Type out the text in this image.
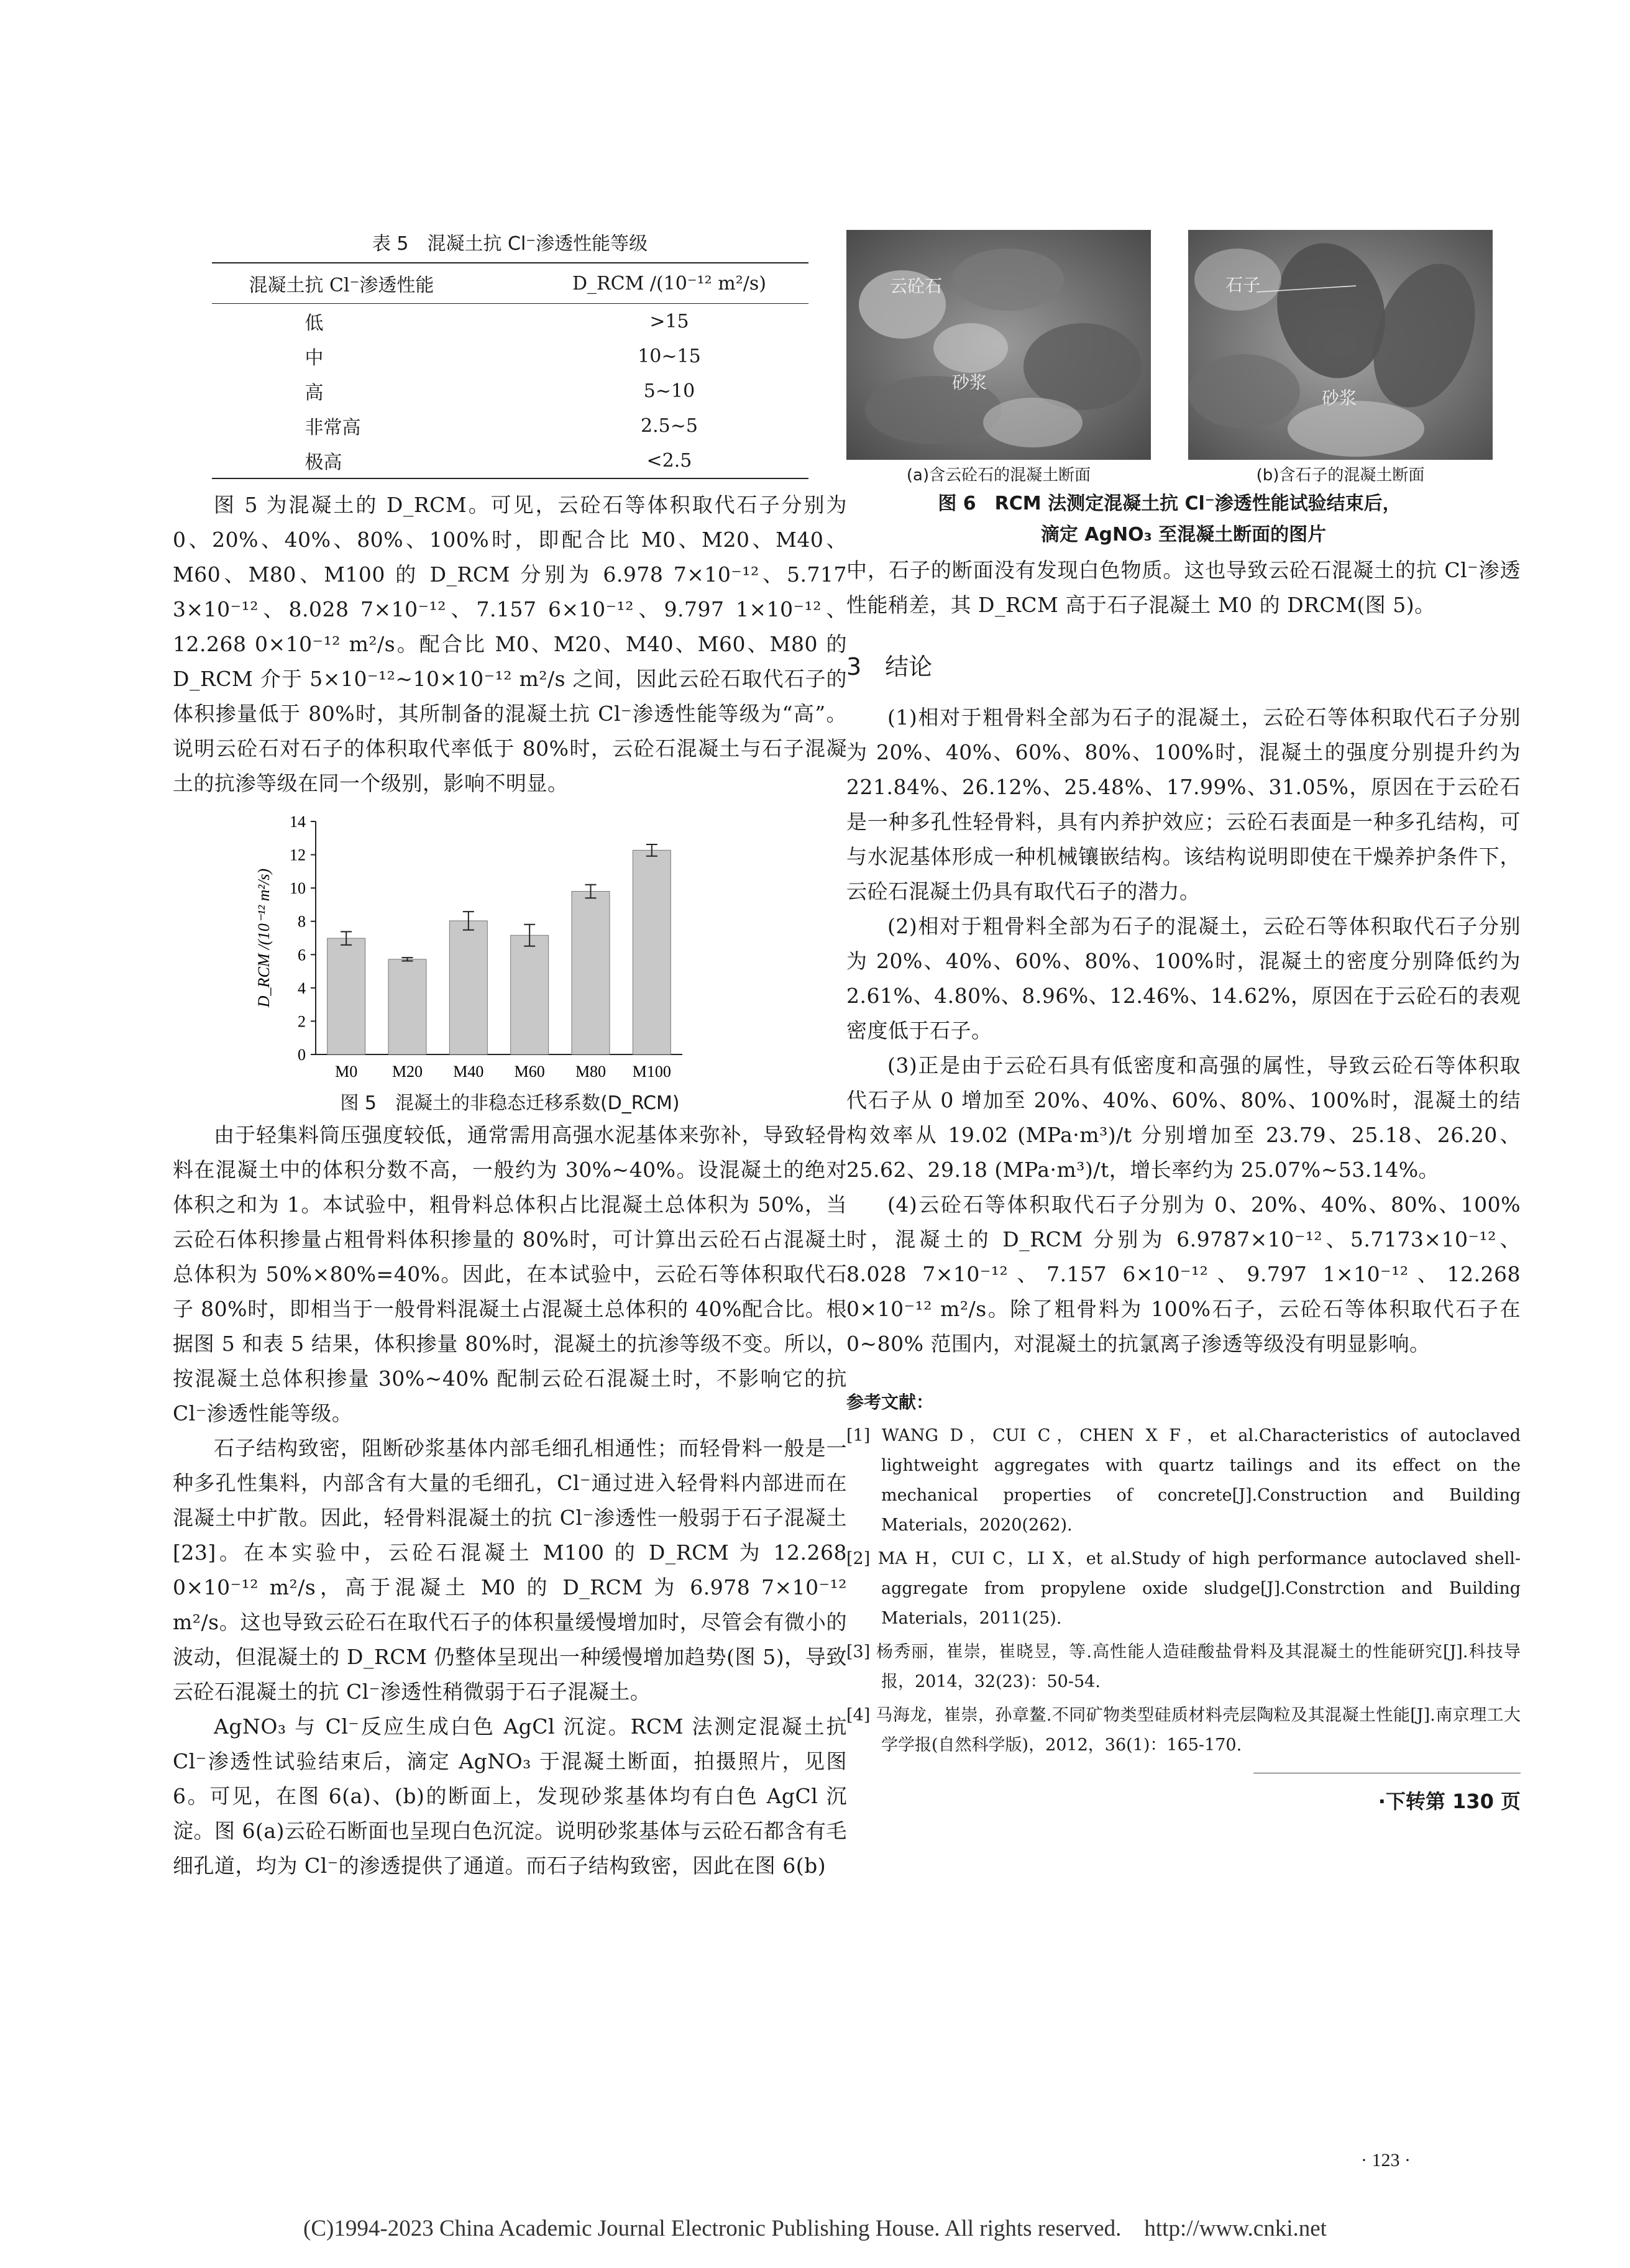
表 5　混凝土抗 Cl⁻渗透性能等级

混凝土抗 Cl⁻渗透性能	D_RCM /(10⁻¹² m²/s)
低	>15
中	10~15
高	5~10
非常高	2.5~5
极高	<2.5

图 5 为混凝土的 D_RCM。可见，云砼石等体积取代石子分别为 0、20%、40%、80%、100%时，即配合比 M0、M20、M40、M60、M80、M100 的 D_RCM 分别为 6.978 7×10⁻¹²、5.717 3×10⁻¹²、8.028 7×10⁻¹²、7.157 6×10⁻¹²、9.797 1×10⁻¹²、12.268 0×10⁻¹² m²/s。配合比 M0、M20、M40、M60、M80 的 D_RCM 介于 5×10⁻¹²~10×10⁻¹² m²/s 之间，因此云砼石取代石子的体积掺量低于 80%时，其所制备的混凝土抗 Cl⁻渗透性能等级为“高”。说明云砼石对石子的体积取代率低于 80%时，云砼石混凝土与石子混凝土的抗渗等级在同一个级别，影响不明显。

0
2
4
6
8
10
12
14
D_RCM /(10⁻¹² m²/s)
M0 M20 M40 M60 M80 M100

图 5　混凝土的非稳态迁移系数(D_RCM)

由于轻集料筒压强度较低，通常需用高强水泥基体来弥补，导致轻骨料在混凝土中的体积分数不高，一般约为 30%~40%。设混凝土的绝对体积之和为 1。本试验中，粗骨料总体积占比混凝土总体积为 50%，当云砼石体积掺量占粗骨料体积掺量的 80%时，可计算出云砼石占混凝土总体积为 50%×80%=40%。因此，在本试验中，云砼石等体积取代石子 80%时，即相当于一般骨料混凝土占混凝土总体积的 40%配合比。根据图 5 和表 5 结果，体积掺量 80%时，混凝土的抗渗等级不变。所以，按混凝土总体积掺量 30%~40% 配制云砼石混凝土时，不影响它的抗 Cl⁻渗透性能等级。

石子结构致密，阻断砂浆基体内部毛细孔相通性；而轻骨料一般是一种多孔性集料，内部含有大量的毛细孔，Cl⁻通过进入轻骨料内部进而在混凝土中扩散。因此，轻骨料混凝土的抗 Cl⁻渗透性一般弱于石子混凝土[23]。在本实验中，云砼石混凝土 M100 的 D_RCM 为 12.268 0×10⁻¹² m²/s，高于混凝土 M0 的 D_RCM 为 6.978 7×10⁻¹² m²/s。这也导致云砼石在取代石子的体积量缓慢增加时，尽管会有微小的波动，但混凝土的 D_RCM 仍整体呈现出一种缓慢增加趋势(图 5)，导致云砼石混凝土的抗 Cl⁻渗透性稍微弱于石子混凝土。

AgNO₃ 与 Cl⁻反应生成白色 AgCl 沉淀。RCM 法测定混凝土抗 Cl⁻渗透性试验结束后，滴定 AgNO₃ 于混凝土断面，拍摄照片，见图 6。可见，在图 6(a)、(b)的断面上，发现砂浆基体均有白色 AgCl 沉淀。图 6(a)云砼石断面也呈现白色沉淀。说明砂浆基体与云砼石都含有毛细孔道，均为 Cl⁻的渗透提供了通道。而石子结构致密，因此在图 6(b)

云砼石
砂浆
石子
砂浆
(a)含云砼石的混凝土断面	(b)含石子的混凝土断面
图 6　RCM 法测定混凝土抗 Cl⁻渗透性能试验结束后，

滴定 AgNO₃ 至混凝土断面的图片

中，石子的断面没有发现白色物质。这也导致云砼石混凝土的抗 Cl⁻渗透性能稍差，其 D_RCM 高于石子混凝土 M0 的 DRCM(图 5)。

3　结论

(1)相对于粗骨料全部为石子的混凝土，云砼石等体积取代石子分别为 20%、40%、60%、80%、100%时，混凝土的强度分别提升约为 221.84%、26.12%、25.48%、17.99%、31.05%，原因在于云砼石是一种多孔性轻骨料，具有内养护效应；云砼石表面是一种多孔结构，可与水泥基体形成一种机械镶嵌结构。该结构说明即使在干燥养护条件下，云砼石混凝土仍具有取代石子的潜力。

(2)相对于粗骨料全部为石子的混凝土，云砼石等体积取代石子分别为 20%、40%、60%、80%、100%时，混凝土的密度分别降低约为 2.61%、4.80%、8.96%、12.46%、14.62%，原因在于云砼石的表观密度低于石子。

(3)正是由于云砼石具有低密度和高强的属性，导致云砼石等体积取代石子从 0 增加至 20%、40%、60%、80%、100%时，混凝土的结构效率从 19.02 (MPa·m³)/t 分别增加至 23.79、25.18、26.20、25.62、29.18 (MPa·m³)/t，增长率约为 25.07%~53.14%。

(4)云砼石等体积取代石子分别为 0、20%、40%、80%、100%时，混凝土的 D_RCM 分别为 6.9787×10⁻¹²、5.7173×10⁻¹²、8.028 7×10⁻¹²、7.157 6×10⁻¹²、9.797 1×10⁻¹²、12.268 0×10⁻¹² m²/s。除了粗骨料为 100%石子，云砼石等体积取代石子在 0~80% 范围内，对混凝土的抗氯离子渗透等级没有明显影响。

参考文献：

[1] WANG D，CUI C，CHEN X F，et al.Characteristics of autoclaved lightweight aggregates with quartz tailings and its effect on the mechanical properties of concrete[J].Construction and Building Materials，2020(262).

[2] MA H，CUI C，LI X，et al.Study of high performance autoclaved shell-aggregate from propylene oxide sludge[J].Constrction and Building Materials，2011(25).

[3] 杨秀丽，崔崇，崔晓昱，等.高性能人造硅酸盐骨料及其混凝土的性能研究[J].科技导报，2014，32(23)：50-54.

[4] 马海龙，崔崇，孙章鳌.不同矿物类型硅质材料壳层陶粒及其混凝土性能[J].南京理工大学学报(自然科学版)，2012，36(1)：165-170.

·下转第 130 页
· 123 ·
(C)1994-2023 China Academic Journal Electronic Publishing House. All rights reserved.　http://www.cnki.net
